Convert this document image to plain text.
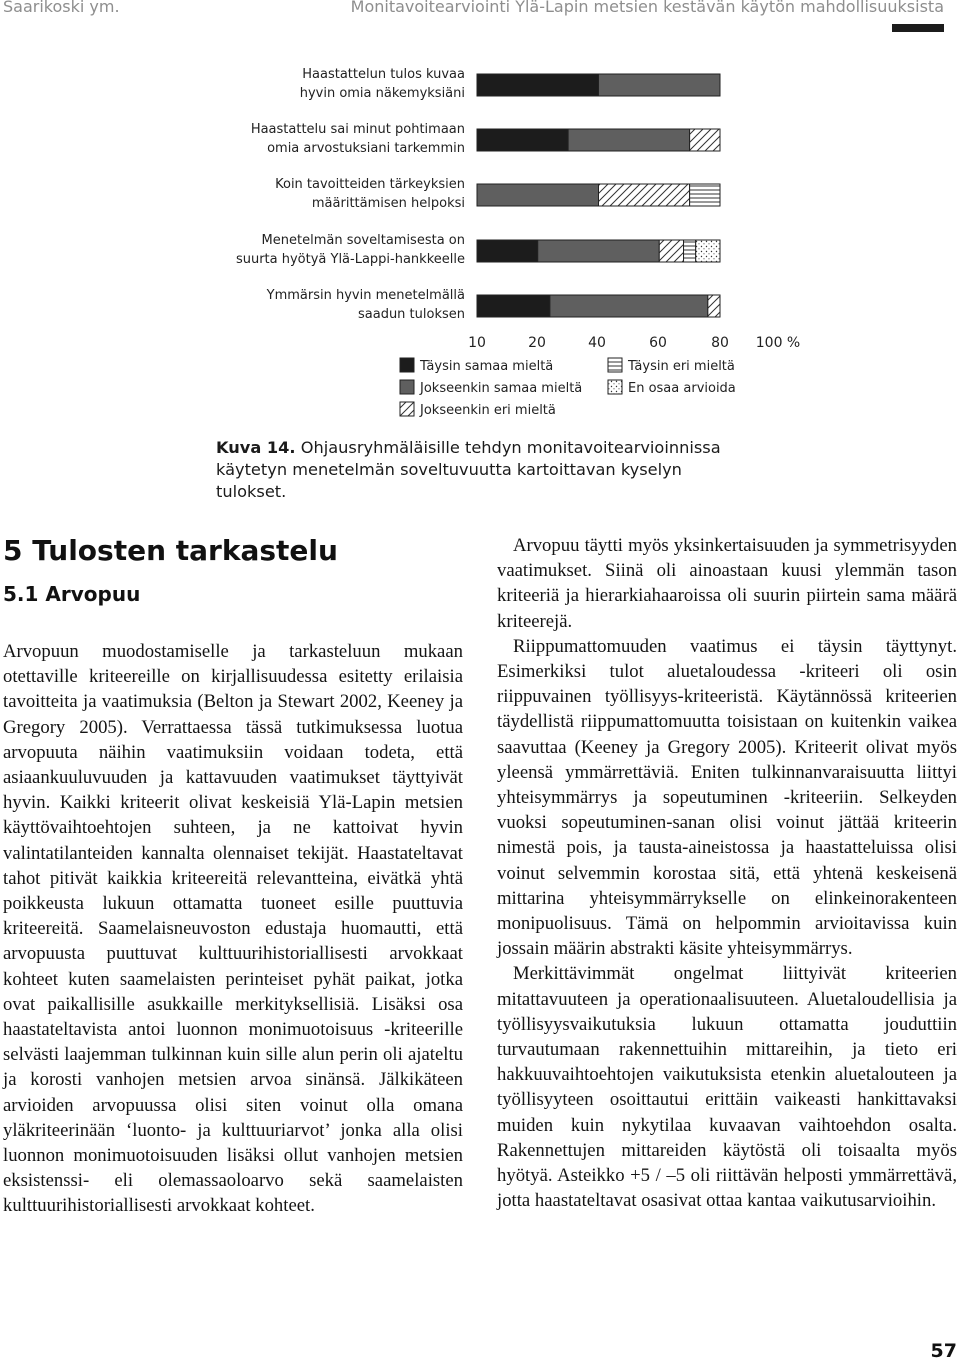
Saarikoski ym.	Monitavoitearviointi Ylä-Lapin metsien kestävän käytön mahdollisuuksista
Haastattelun tulos kuvaa
hyvin omia näkemyksiäni
Haastattelu sai minut pohtimaan
omia arvostuksiani tarkemmin
Koin tavoitteiden tärkeyksien
määrittämisen helpoksi
Menetelmän soveltamisesta on
suurta hyötyä Ylä-Lappi-hankkeelle
Ymmärsin hyvin menetelmällä
saadun tuloksen
10	20	40	60	80 100 %
Täysin samaa mieltä
Jokseenkin samaa mieltä
Jokseenkin eri mieltä
Täysin eri mieltä
En osaa arvioida
Kuva 14. Ohjausryhmäläisille tehdyn monitavoitearvioinnissa käytetyn menetelmän soveltuvuutta kartoittavan kyselyn tulokset.
5 Tulosten tarkastelu
5.1 Arvopuu

Arvopuun muodostamiselle ja tarkasteluun mukaan otettaville kriteereille on kirjallisuudessa esitetty erilaisia tavoitteita ja vaatimuksia (Belton ja Stewart 2002, Keeney ja Gregory 2005). Verrattaessa tässä tutkimuksessa luotua arvopuuta näihin vaatimuksiin voidaan todeta, että asiaankuuluvuuden ja kattavuuden vaatimukset täyttyivät hyvin. Kaikki kriteerit olivat keskeisiä Ylä-Lapin metsien käyttövaihtoehtojen suhteen, ja ne kattoivat hyvin valintatilanteiden kannalta olennaiset tekijät. Haastateltavat tahot pitivät kaikkia kriteereitä relevantteina, eivätkä yhtä poikkeusta lukuun ottamatta tuoneet esille puuttuvia kriteereitä. Saamelaisneuvoston edustaja huomautti, että arvopuusta puuttuvat kulttuurihistoriallisesti arvokkaat kohteet kuten saamelaisten perinteiset pyhät paikat, jotka ovat paikallisille asukkaille merkityksellisiä. Lisäksi osa haastateltavista antoi luonnon monimuotoisuus -kriteerille selvästi laajemman tulkinnan kuin sille alun perin oli ajateltu ja korosti vanhojen metsien arvoa sinänsä. Jälkikäteen arvioiden arvopuussa olisi siten voinut olla omana yläkriteerinään ‘luonto- ja kulttuuriarvot’ jonka alla olisi luonnon monimuotoisuuden lisäksi ollut vanhojen metsien eksistenssi- eli olemassaoloarvo sekä saamelaisten kulttuurihistoriallisesti arvokkaat kohteet.

Arvopuu täytti myös yksinkertaisuuden ja symmetrisyyden vaatimukset. Siinä oli ainoastaan kuusi ylemmän tason kriteeriä ja hierarkiahaaroissa oli suurin piirtein sama määrä kriteerejä.

Riippumattomuuden vaatimus ei täysin täyttynyt. Esimerkiksi tulot aluetaloudessa -kriteeri oli osin riippuvainen työllisyys-kriteeristä. Käytännössä kriteerien täydellistä riippumattomuutta toisistaan on kuitenkin vaikea saavuttaa (Keeney ja Gregory 2005). Kriteerit olivat myös yleensä ymmärrettäviä. Eniten tulkinnanvaraisuutta liittyi yhteisymmärrys ja sopeutuminen -kriteeriin. Selkeyden vuoksi sopeutuminen-sanan olisi voinut jättää kriteerin nimestä pois, ja tausta-aineistossa ja haastatteluissa olisi voinut selvemmin korostaa sitä, että yhtenä keskeisenä mittarina yhteisymmärrykselle on elinkeinorakenteen monipuolisuus. Tämä on helpommin arvioitavissa kuin jossain määrin abstrakti käsite yhteisymmärrys.

Merkittävimmät ongelmat liittyivät kriteerien mitattavuuteen ja operationaalisuuteen. Aluetaloudellisia ja työllisyysvaikutuksia lukuun ottamatta jouduttiin turvautumaan rakennettuihin mittareihin, ja tieto eri hakkuuvaihtoehtojen vaikutuksista etenkin aluetalouteen ja työllisyyteen osoittautui erittäin vaikeasti hankittavaksi muiden kuin nykytilaa kuvaavan vaihtoehdon osalta. Rakennettujen mittareiden käytöstä oli toisaalta myös hyötyä. Asteikko +5 / –5 oli riittävän helposti ymmärrettävä, jotta haastateltavat osasivat ottaa kantaa vaikutusarvioihin.

57
